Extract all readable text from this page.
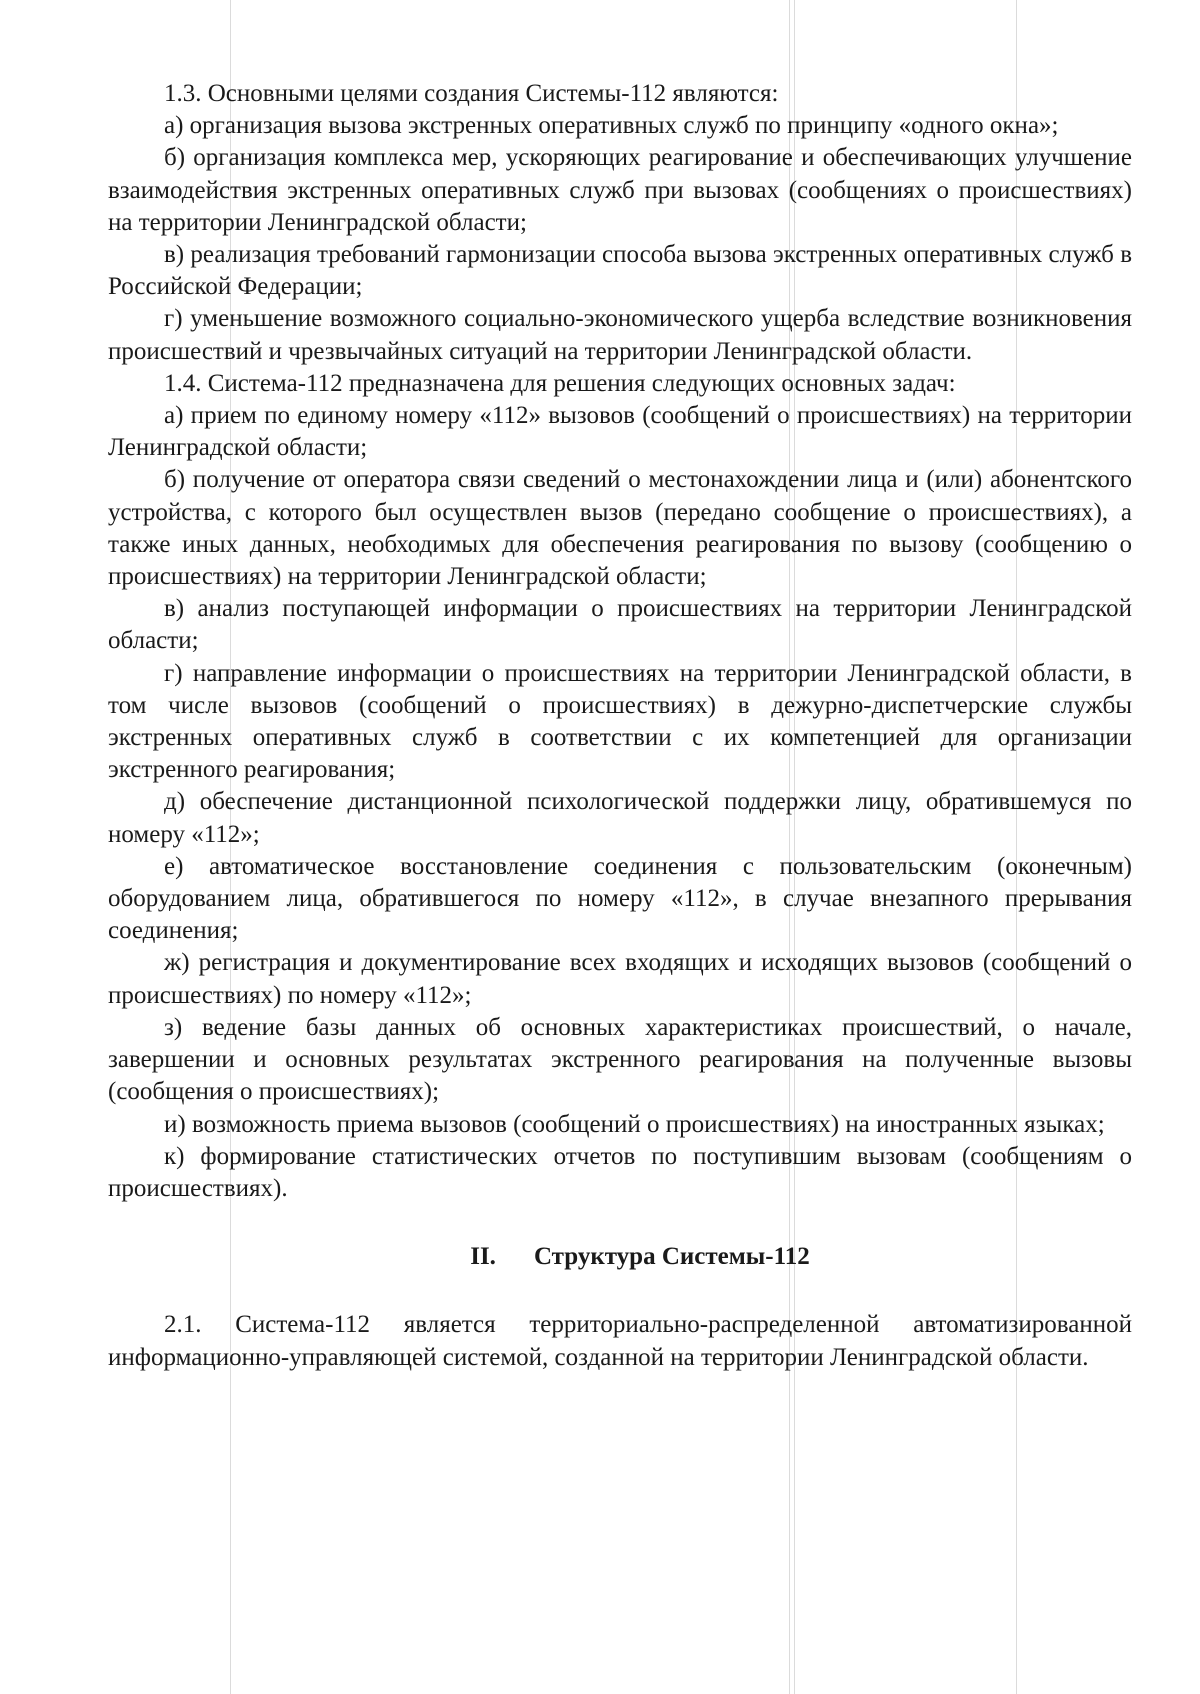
1.3. Основными целями создания Системы-112 являются:

а) организация вызова экстренных оперативных служб по принципу «одного окна»;

б) организация комплекса мер, ускоряющих реагирование и обеспечивающих улучшение взаимодействия экстренных оперативных служб при вызовах (сообщениях о происшествиях) на территории Ленинградской области;

в) реализация требований гармонизации способа вызова экстренных оперативных служб в Российской Федерации;

г) уменьшение возможного социально-экономического ущерба вследствие возникновения происшествий и чрезвычайных ситуаций на территории Ленинградской области.

1.4. Система-112 предназначена для решения следующих основных задач:

а) прием по единому номеру «112» вызовов (сообщений о происшествиях) на территории Ленинградской области;

б) получение от оператора связи сведений о местонахождении лица и (или) абонентского устройства, с которого был осуществлен вызов (передано сообщение о происшествиях), а также иных данных, необходимых для обеспечения реагирования по вызову (сообщению о происшествиях) на территории Ленинградской области;

в) анализ поступающей информации о происшествиях на территории Ленинградской области;

г) направление информации о происшествиях на территории Ленинградской области, в том числе вызовов (сообщений о происшествиях) в дежурно-диспетчерские службы экстренных оперативных служб в соответствии с их компетенцией для организации экстренного реагирования;

д) обеспечение дистанционной психологической поддержки лицу, обратившемуся по номеру «112»;

е) автоматическое восстановление соединения с пользовательским (оконечным) оборудованием лица, обратившегося по номеру «112», в случае внезапного прерывания соединения;

ж) регистрация и документирование всех входящих и исходящих вызовов (сообщений о происшествиях) по номеру «112»;

з) ведение базы данных об основных характеристиках происшествий, о начале, завершении и основных результатах экстренного реагирования на полученные вызовы (сообщения о происшествиях);

и) возможность приема вызовов (сообщений о происшествиях) на иностранных языках;

к) формирование статистических отчетов по поступившим вызовам (сообщениям о происшествиях).

II. Структура Системы-112

2.1. Система-112 является территориально-распределенной автоматизированной информационно-управляющей системой, созданной на территории Ленинградской области.
